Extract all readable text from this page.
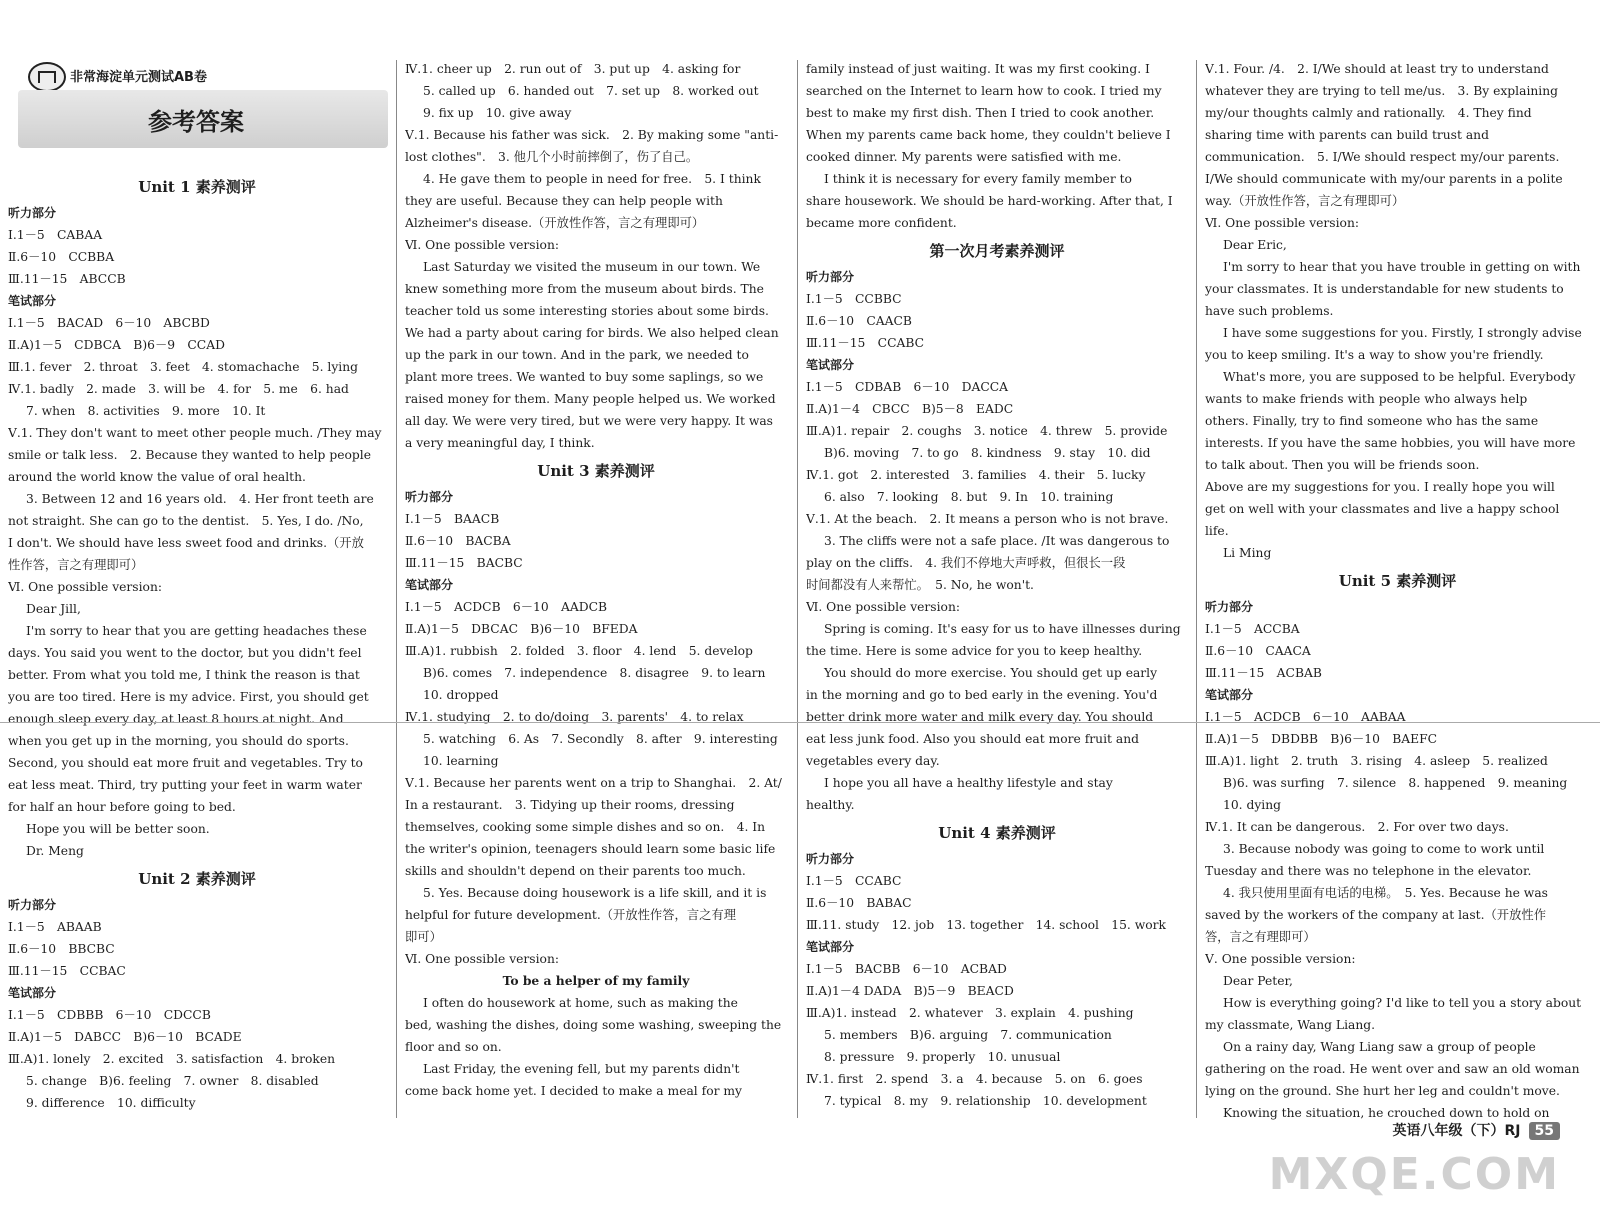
非常海淀单元测试AB卷
参考答案

Unit 1 素养测评

听力部分

Ⅰ.1－5　CABAA

Ⅱ.6－10　CCBBA

Ⅲ.11－15　ABCCB

笔试部分

Ⅰ.1－5　BACAD　6－10　ABCBD

Ⅱ.A)1－5　CDBCA　B)6－9　CCAD

Ⅲ.1. fever　2. throat　3. feet　4. stomachache　5. lying

Ⅳ.1. badly　2. made　3. will be　4. for　5. me　6. had

7. when　8. activities　9. more　10. It

Ⅴ.1. They don't want to meet other people much. /They may

smile or talk less.　2. Because they wanted to help people

around the world know the value of oral health.

3. Between 12 and 16 years old.　4. Her front teeth are

not straight. She can go to the dentist.　5. Yes, I do. /No,

I don't. We should have less sweet food and drinks.（开放

性作答，言之有理即可）

Ⅵ. One possible version:

Dear Jill,

I'm sorry to hear that you are getting headaches these

days. You said you went to the doctor, but you didn't feel

better. From what you told me, I think the reason is that

you are too tired. Here is my advice. First, you should get

enough sleep every day, at least 8 hours at night. And

when you get up in the morning, you should do sports.

Second, you should eat more fruit and vegetables. Try to

eat less meat. Third, try putting your feet in warm water

for half an hour before going to bed.

Hope you will be better soon.

Dr. Meng

Unit 2 素养测评

听力部分

Ⅰ.1－5　ABAAB

Ⅱ.6－10　BBCBC

Ⅲ.11－15　CCBAC

笔试部分

Ⅰ.1－5　CDBBB　6－10　CDCCB

Ⅱ.A)1－5　DABCC　B)6－10　BCADE

Ⅲ.A)1. lonely　2. excited　3. satisfaction　4. broken

5. change　B)6. feeling　7. owner　8. disabled

9. difference　10. difficulty

Ⅳ.1. cheer up　2. run out of　3. put up　4. asking for

5. called up　6. handed out　7. set up　8. worked out

9. fix up　10. give away

Ⅴ.1. Because his father was sick.　2. By making some "anti-

lost clothes".　3. 他几个小时前摔倒了，伤了自己。

4. He gave them to people in need for free.　5. I think

they are useful. Because they can help people with

Alzheimer's disease.（开放性作答，言之有理即可）

Ⅵ. One possible version:

Last Saturday we visited the museum in our town. We

knew something more from the museum about birds. The

teacher told us some interesting stories about some birds.

We had a party about caring for birds. We also helped clean

up the park in our town. And in the park, we needed to

plant more trees. We wanted to buy some saplings, so we

raised money for them. Many people helped us. We worked

all day. We were very tired, but we were very happy. It was

a very meaningful day, I think.

Unit 3 素养测评

听力部分

Ⅰ.1－5　BAACB

Ⅱ.6－10　BACBA

Ⅲ.11－15　BACBC

笔试部分

Ⅰ.1－5　ACDCB　6－10　AADCB

Ⅱ.A)1－5　DBCAC　B)6－10　BFEDA

Ⅲ.A)1. rubbish　2. folded　3. floor　4. lend　5. develop

B)6. comes　7. independence　8. disagree　9. to learn

10. dropped

Ⅳ.1. studying　2. to do/doing　3. parents'　4. to relax

5. watching　6. As　7. Secondly　8. after　9. interesting

10. learning

Ⅴ.1. Because her parents went on a trip to Shanghai.　2. At/

In a restaurant.　3. Tidying up their rooms, dressing

themselves, cooking some simple dishes and so on.　4. In

the writer's opinion, teenagers should learn some basic life

skills and shouldn't depend on their parents too much.

5. Yes. Because doing housework is a life skill, and it is

helpful for future development.（开放性作答，言之有理

即可）

Ⅵ. One possible version:

To be a helper of my family

I often do housework at home, such as making the

bed, washing the dishes, doing some washing, sweeping the

floor and so on.

Last Friday, the evening fell, but my parents didn't

come back home yet. I decided to make a meal for my

family instead of just waiting. It was my first cooking. I

searched on the Internet to learn how to cook. I tried my

best to make my first dish. Then I tried to cook another.

When my parents came back home, they couldn't believe I

cooked dinner. My parents were satisfied with me.

I think it is necessary for every family member to

share housework. We should be hard-working. After that, I

became more confident.

第一次月考素养测评

听力部分

Ⅰ.1－5　CCBBC

Ⅱ.6－10　CAACB

Ⅲ.11－15　CCABC

笔试部分

Ⅰ.1－5　CDBAB　6－10　DACCA

Ⅱ.A)1－4　CBCC　B)5－8　EADC

Ⅲ.A)1. repair　2. coughs　3. notice　4. threw　5. provide

B)6. moving　7. to go　8. kindness　9. stay　10. did

Ⅳ.1. got　2. interested　3. families　4. their　5. lucky

6. also　7. looking　8. but　9. In　10. training

Ⅴ.1. At the beach.　2. It means a person who is not brave.

3. The cliffs were not a safe place. /It was dangerous to

play on the cliffs.　4. 我们不停地大声呼救，但很长一段

时间都没有人来帮忙。　5. No, he won't.

Ⅵ. One possible version:

Spring is coming. It's easy for us to have illnesses during

the time. Here is some advice for you to keep healthy.

You should do more exercise. You should get up early

in the morning and go to bed early in the evening. You'd

better drink more water and milk every day. You should

eat less junk food. Also you should eat more fruit and

vegetables every day.

I hope you all have a healthy lifestyle and stay

healthy.

Unit 4 素养测评

听力部分

Ⅰ.1－5　CCABC

Ⅱ.6－10　BABAC

Ⅲ.11. study　12. job　13. together　14. school　15. work

笔试部分

Ⅰ.1－5　BACBB　6－10　ACBAD

Ⅱ.A)1－4 DADA　B)5－9　BEACD

Ⅲ.A)1. instead　2. whatever　3. explain　4. pushing

5. members　B)6. arguing　7. communication

8. pressure　9. properly　10. unusual

Ⅳ.1. first　2. spend　3. a　4. because　5. on　6. goes

7. typical　8. my　9. relationship　10. development

Ⅴ.1. Four. /4.　2. I/We should at least try to understand

whatever they are trying to tell me/us.　3. By explaining

my/our thoughts calmly and rationally.　4. They find

sharing time with parents can build trust and

communication.　5. I/We should respect my/our parents.

I/We should communicate with my/our parents in a polite

way.（开放性作答，言之有理即可）

Ⅵ. One possible version:

Dear Eric,

I'm sorry to hear that you have trouble in getting on with

your classmates. It is understandable for new students to

have such problems.

I have some suggestions for you. Firstly, I strongly advise

you to keep smiling. It's a way to show you're friendly.

What's more, you are supposed to be helpful. Everybody

wants to make friends with people who always help

others. Finally, try to find someone who has the same

interests. If you have the same hobbies, you will have more

to talk about. Then you will be friends soon.

Above are my suggestions for you. I really hope you will

get on well with your classmates and live a happy school

life.

Li Ming

Unit 5 素养测评

听力部分

Ⅰ.1－5　ACCBA

Ⅱ.6－10　CAACA

Ⅲ.11－15　ACBAB

笔试部分

Ⅰ.1－5　ACDCB　6－10　AABAA

Ⅱ.A)1－5　DBDBB　B)6－10　BAEFC

Ⅲ.A)1. light　2. truth　3. rising　4. asleep　5. realized

B)6. was surfing　7. silence　8. happened　9. meaning

10. dying

Ⅳ.1. It can be dangerous.　2. For over two days.

3. Because nobody was going to come to work until

Tuesday and there was no telephone in the elevator.

4. 我只使用里面有电话的电梯。　5. Yes. Because he was

saved by the workers of the company at last.（开放性作

答，言之有理即可）

Ⅴ. One possible version:

Dear Peter,

How is everything going? I'd like to tell you a story about

my classmate, Wang Liang.

On a rainy day, Wang Liang saw a group of people

gathering on the road. He went over and saw an old woman

lying on the ground. She hurt her leg and couldn't move.

Knowing the situation, he crouched down to hold on

英语八年级（下）RJ 55
MXQE.COM
